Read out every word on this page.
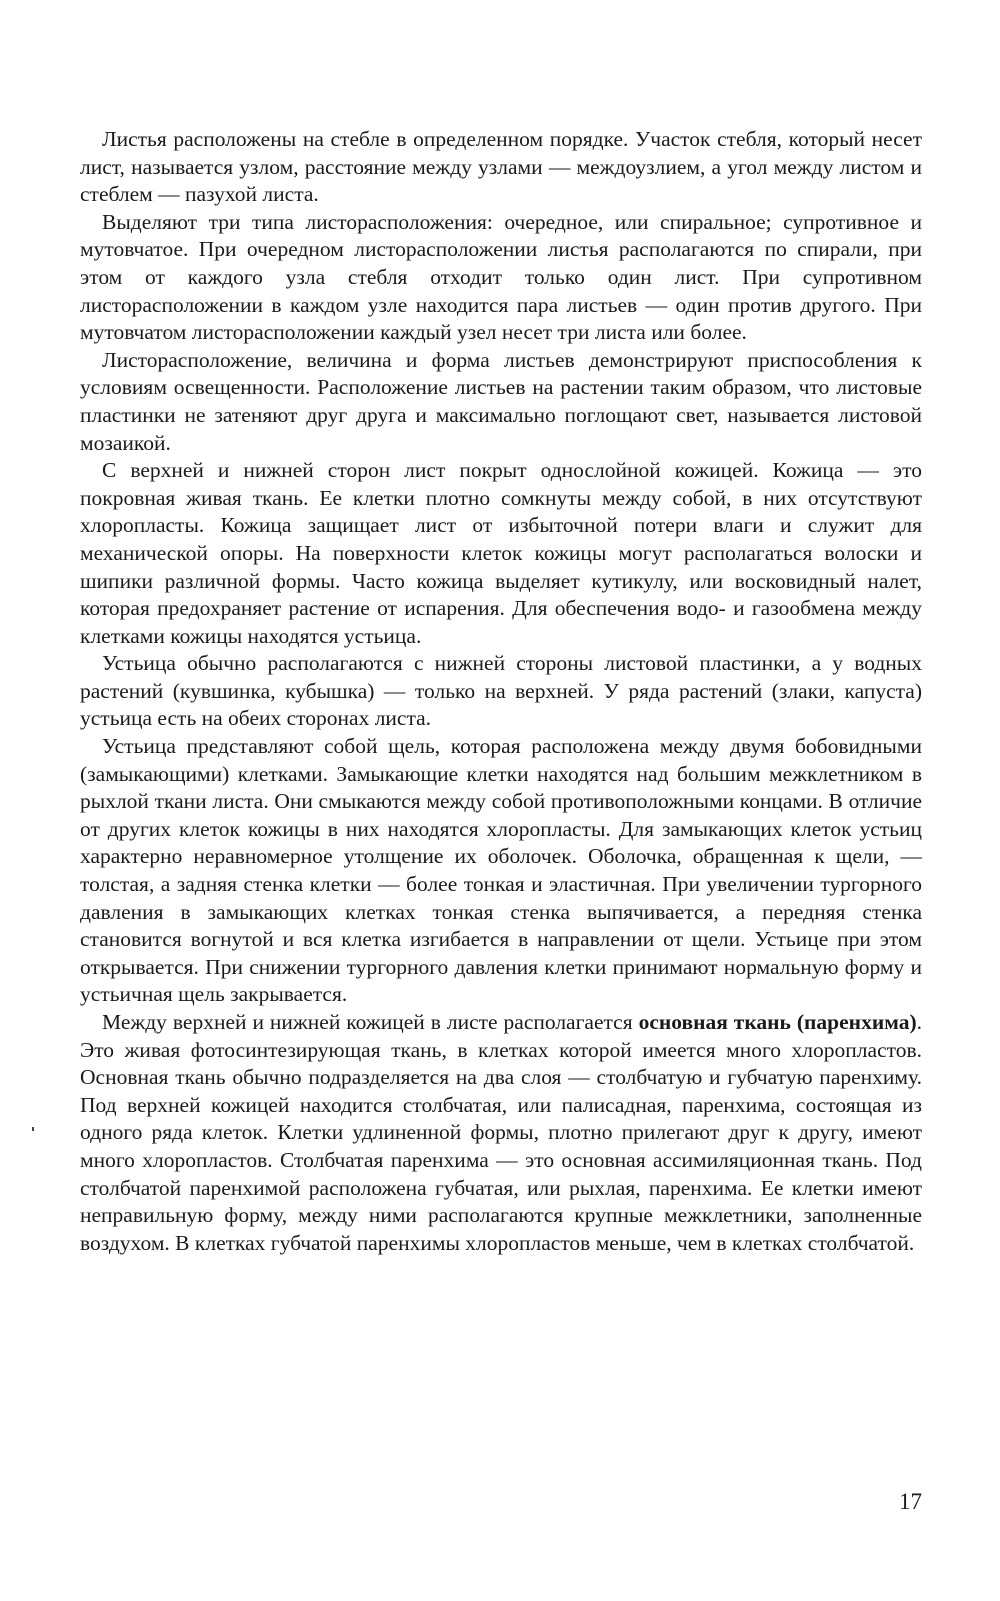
Листья расположены на стебле в определенном порядке. Участок стебля, который несет лист, называется узлом, расстояние между узлами — междоузлием, а угол между листом и стеблем — пазухой листа.

Выделяют три типа листорасположения: очередное, или спиральное; супротивное и мутовчатое. При очередном листорасположении листья располагаются по спирали, при этом от каждого узла стебля отходит только один лист. При супротивном листорасположении в каждом узле находится пара листьев — один против другого. При мутовчатом листорасположении каждый узел несет три листа или более.

Листорасположение, величина и форма листьев демонстрируют приспособления к условиям освещенности. Расположение листьев на растении таким образом, что листовые пластинки не затеняют друг друга и максимально поглощают свет, называется листовой мозаикой.

С верхней и нижней сторон лист покрыт однослойной кожицей. Кожица — это покровная живая ткань. Ее клетки плотно сомкнуты между собой, в них отсутствуют хлоропласты. Кожица защищает лист от избыточной потери влаги и служит для механической опоры. На поверхности клеток кожицы могут располагаться волоски и шипики различной формы. Часто кожица выделяет кутикулу, или восковидный налет, которая предохраняет растение от испарения. Для обеспечения водо- и газообмена между клетками кожицы находятся устьица.

Устьица обычно располагаются с нижней стороны листовой пластинки, а у водных растений (кувшинка, кубышка) — только на верхней. У ряда растений (злаки, капуста) устьица есть на обеих сторонах листа.

Устьица представляют собой щель, которая расположена между двумя бобовидными (замыкающими) клетками. Замыкающие клетки находятся над большим межклетником в рыхлой ткани листа. Они смыкаются между собой противоположными концами. В отличие от других клеток кожицы в них находятся хлоропласты. Для замыкающих клеток устьиц характерно неравномерное утолщение их оболочек. Оболочка, обращенная к щели, — толстая, а задняя стенка клетки — более тонкая и эластичная. При увеличении тургорного давления в замыкающих клетках тонкая стенка выпячивается, а передняя стенка становится вогнутой и вся клетка изгибается в направлении от щели. Устьице при этом открывается. При снижении тургорного давления клетки принимают нормальную форму и устьичная щель закрывается.

Между верхней и нижней кожицей в листе располагается основная ткань (паренхима). Это живая фотосинтезирующая ткань, в клетках которой имеется много хлоропластов. Основная ткань обычно подразделяется на два слоя — столбчатую и губчатую паренхиму. Под верхней кожицей находится столбчатая, или палисадная, паренхима, состоящая из одного ряда клеток. Клетки удлиненной формы, плотно прилегают друг к другу, имеют много хлоропластов. Столбчатая паренхима — это основная ассимиляционная ткань. Под столбчатой паренхимой расположена губчатая, или рыхлая, паренхима. Ее клетки имеют неправильную форму, между ними располагаются крупные межклетники, заполненные воздухом. В клетках губчатой паренхимы хлоропластов меньше, чем в клетках столбчатой.

17
